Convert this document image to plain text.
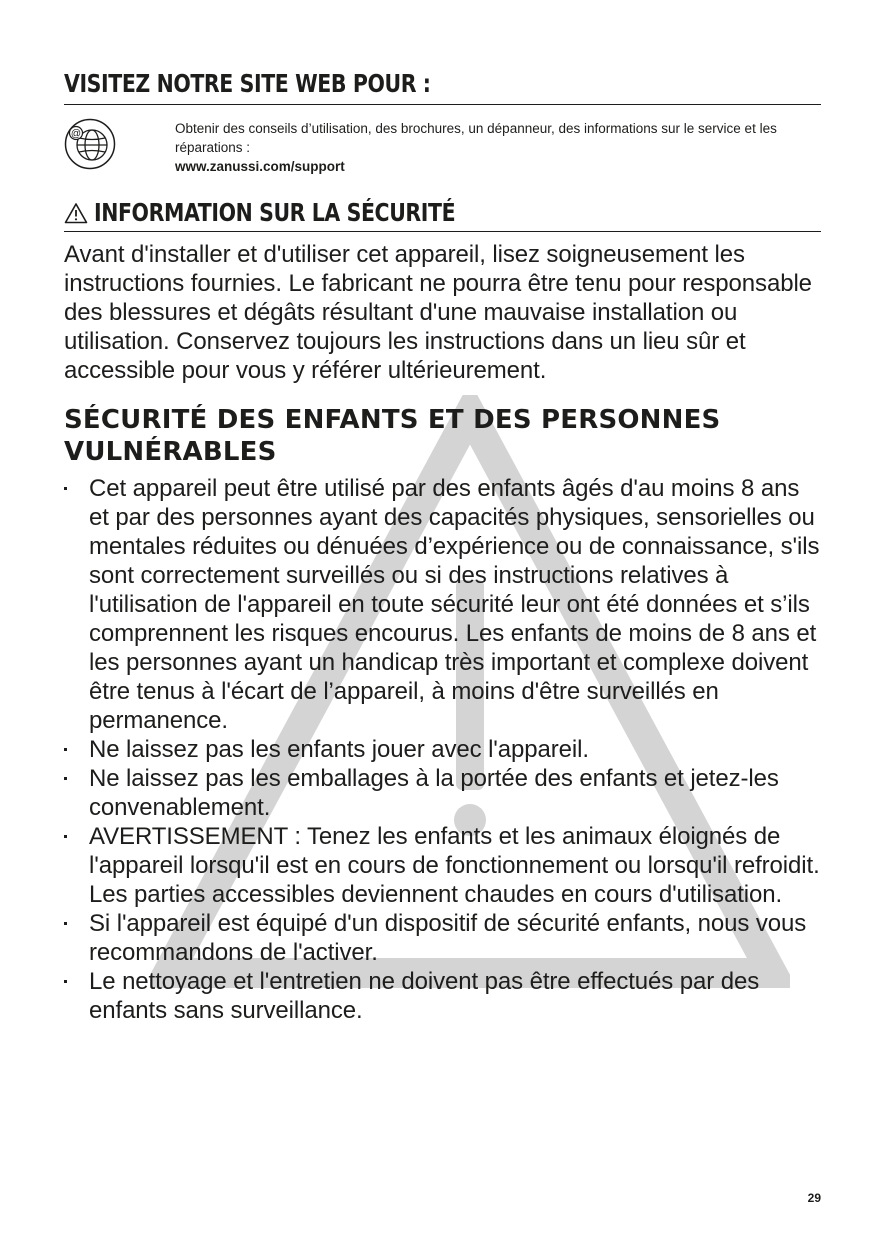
VISITEZ NOTRE SITE WEB POUR :
@	Obtenir des conseils d’utilisation, des brochures, un dépanneur, des informations sur le service et les réparations :

www.zanussi.com/support

INFORMATION SUR LA SÉCURITÉ

Avant d'installer et d'utiliser cet appareil, lisez soigneusement les instructions fournies. Le fabricant ne pourra être tenu pour responsable des blessures et dégâts résultant d'une mauvaise installation ou utilisation. Conservez toujours les instructions dans un lieu sûr et accessible pour vous y référer ultérieurement.

SÉCURITÉ DES ENFANTS ET DES PERSONNES VULNÉRABLES
Cet appareil peut être utilisé par des enfants âgés d'au moins 8 ans et par des personnes ayant des capacités physiques, sensorielles ou mentales réduites ou dénuées d’expérience ou de connaissance, s'ils sont correctement surveillés ou si des instructions relatives à l'utilisation de l'appareil en toute sécurité leur ont été données et s’ils comprennent les risques encourus. Les enfants de moins de 8 ans et les personnes ayant un handicap très important et complexe doivent être tenus à l'écart de l’appareil, à moins d'être surveillés en permanence.
Ne laissez pas les enfants jouer avec l'appareil.
Ne laissez pas les emballages à la portée des enfants et jetez-les convenablement.
AVERTISSEMENT : Tenez les enfants et les animaux éloignés de l'appareil lorsqu'il est en cours de fonctionnement ou lorsqu'il refroidit. Les parties accessibles deviennent chaudes en cours d'utilisation.
Si l'appareil est équipé d'un dispositif de sécurité enfants, nous vous recommandons de l'activer.
Le nettoyage et l'entretien ne doivent pas être effectués par des enfants sans surveillance.

29
